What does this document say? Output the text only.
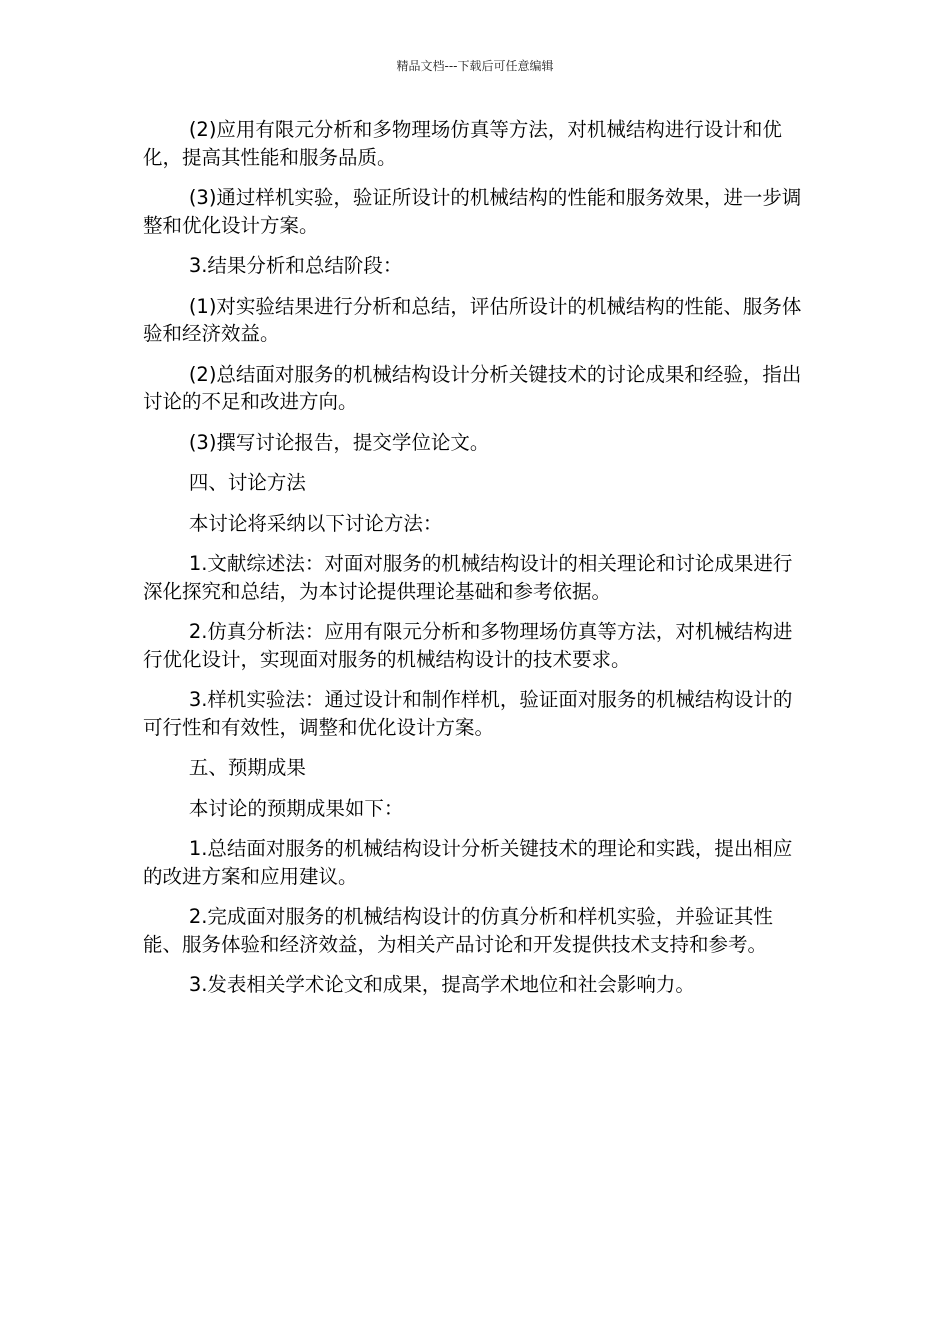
精品文档---下载后可任意编辑

(2)应用有限元分析和多物理场仿真等方法，对机械结构进行设计和优化，提高其性能和服务品质。

(3)通过样机实验，验证所设计的机械结构的性能和服务效果，进一步调整和优化设计方案。

3.结果分析和总结阶段：

(1)对实验结果进行分析和总结，评估所设计的机械结构的性能、服务体验和经济效益。

(2)总结面对服务的机械结构设计分析关键技术的讨论成果和经验，指出讨论的不足和改进方向。

(3)撰写讨论报告，提交学位论文。

四、讨论方法

本讨论将采纳以下讨论方法：

1.文献综述法：对面对服务的机械结构设计的相关理论和讨论成果进行深化探究和总结，为本讨论提供理论基础和参考依据。

2.仿真分析法：应用有限元分析和多物理场仿真等方法，对机械结构进行优化设计，实现面对服务的机械结构设计的技术要求。

3.样机实验法：通过设计和制作样机，验证面对服务的机械结构设计的可行性和有效性，调整和优化设计方案。

五、预期成果

本讨论的预期成果如下：

1.总结面对服务的机械结构设计分析关键技术的理论和实践，提出相应的改进方案和应用建议。

2.完成面对服务的机械结构设计的仿真分析和样机实验，并验证其性能、服务体验和经济效益，为相关产品讨论和开发提供技术支持和参考。

3.发表相关学术论文和成果，提高学术地位和社会影响力。
